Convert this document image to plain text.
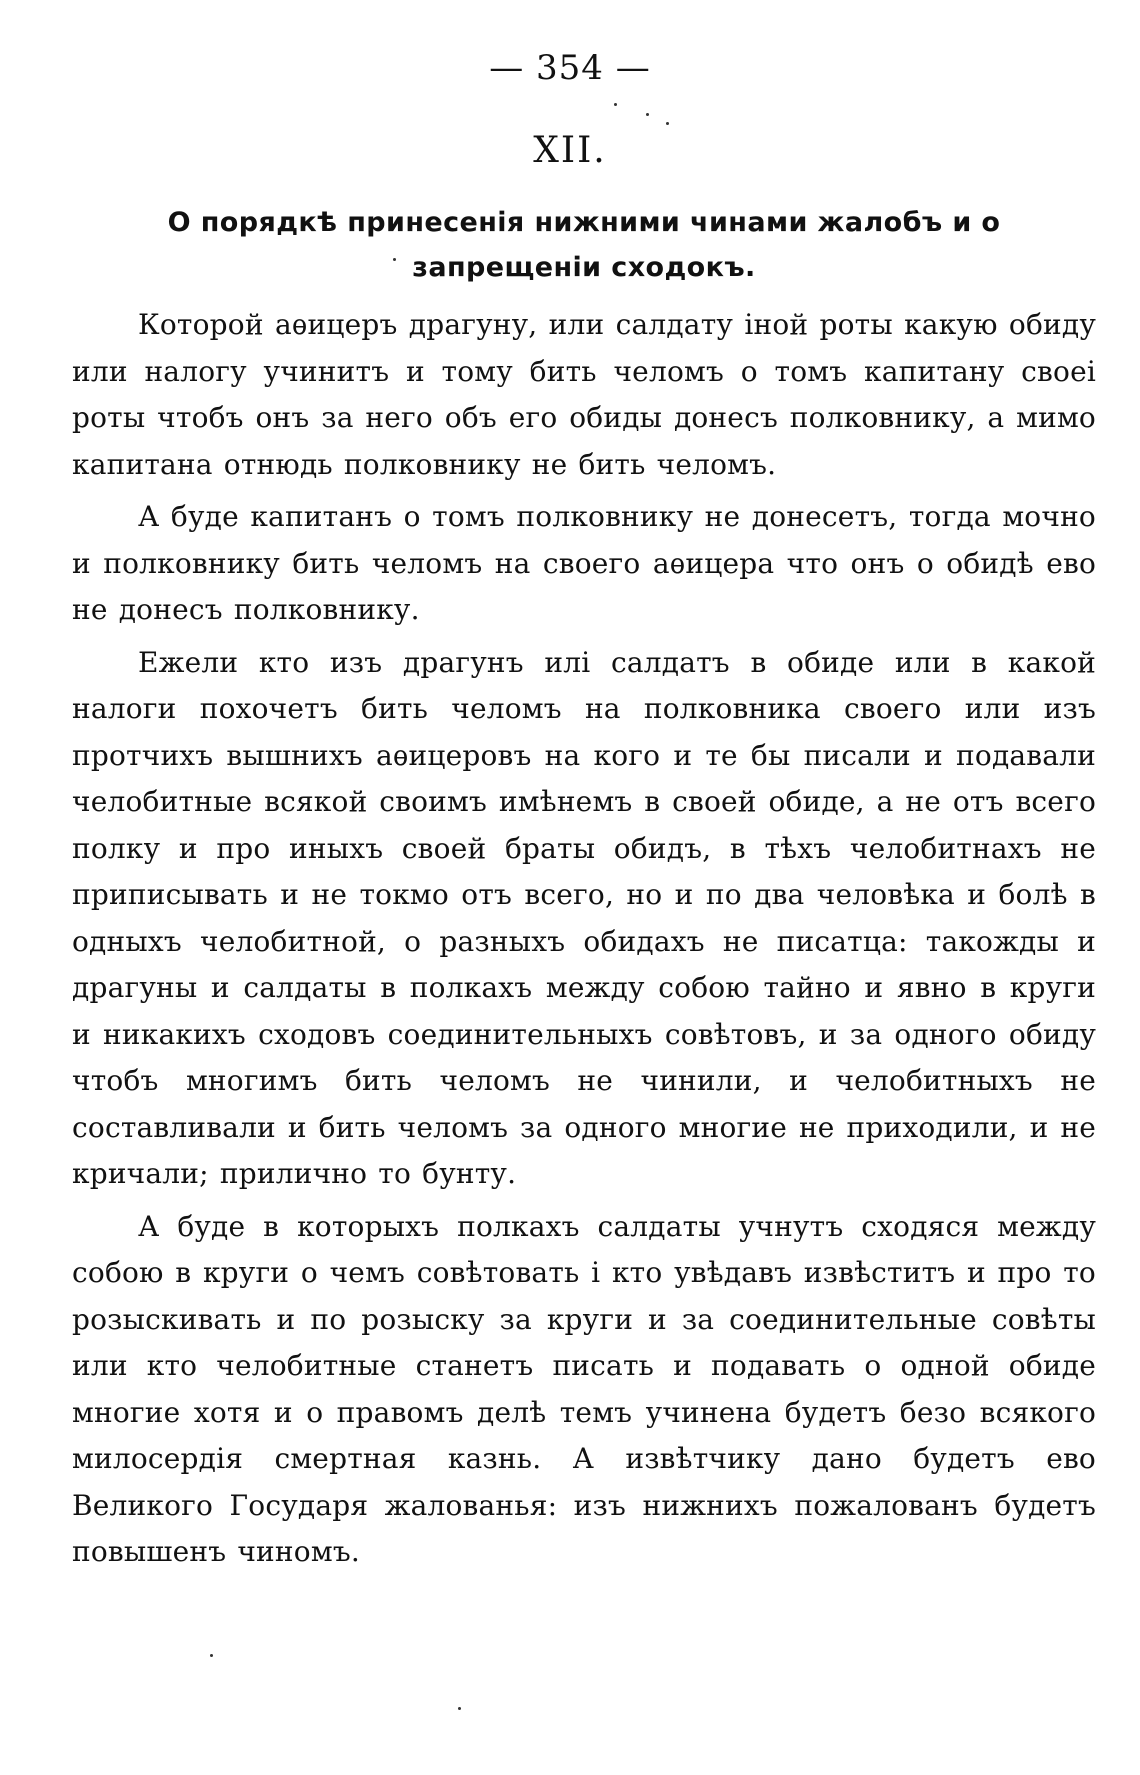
— 354 —
XII.
О порядкѣ принесенія нижними чинами жалобъ и о запрещеніи сходокъ.

Которой аѳицеръ драгуну, или салдату іной роты какую обиду или налогу учинитъ и тому бить челомъ о томъ капитану своеі роты чтобъ онъ за него объ его обиды донесъ полковнику, а мимо капитана отнюдь полковнику не бить челомъ.

А буде капитанъ о томъ полковнику не донесетъ, тогда мочно и полковнику бить челомъ на своего аѳицера что онъ о обидѣ ево не донесъ полковнику.

Ежели кто изъ драгунъ илі салдатъ в обиде или в какой налоги похочетъ бить челомъ на полковника своего или изъ протчихъ вышнихъ аѳицеровъ на кого и те бы писали и подавали челобитные всякой своимъ имѣнемъ в своей обиде, а не отъ всего полку и про иныхъ своей браты обидъ, в тѣхъ челобитнахъ не приписывать и не токмо отъ всего, но и по два человѣка и болѣ в одныхъ челобитной, о разныхъ обидахъ не писатца: такожды и драгуны и салдаты в полкахъ между собою тайно и явно в круги и никакихъ сходовъ соединительныхъ совѣтовъ, и за одного обиду чтобъ многимъ бить челомъ не чинили, и челобитныхъ не составливали и бить челомъ за одного многие не приходили, и не кричали; прилично то бунту.

А буде в которыхъ полкахъ салдаты учнутъ сходяся между собою в круги о чемъ совѣтовать і кто увѣдавъ извѣститъ и про то розыскивать и по розыску за круги и за соединительные совѣты или кто челобитные станетъ писать и подавать о одной обиде многие хотя и о правомъ делѣ темъ учинена будетъ безо всякого милосердія смертная казнь. А извѣтчику дано будетъ ево Великого Государя жалованья: изъ нижнихъ пожалованъ будетъ повышенъ чиномъ.
